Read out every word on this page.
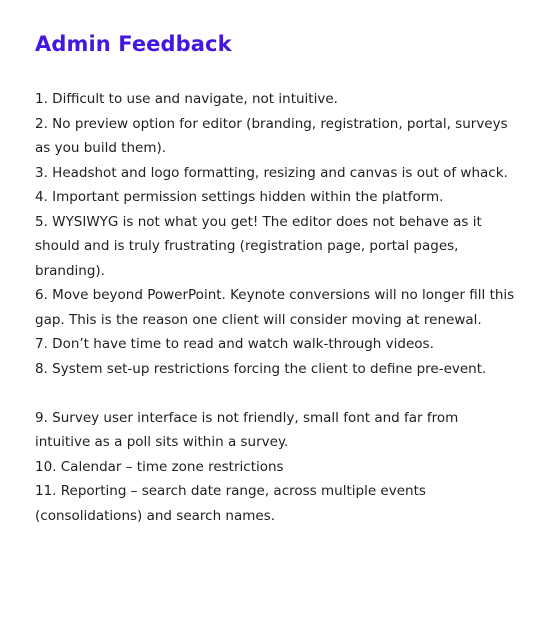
Admin Feedback

1. Difficult to use and navigate, not intuitive.

2. No preview option for editor (branding, registration, portal, surveys as you build them).

3. Headshot and logo formatting, resizing and canvas is out of whack.

4. Important permission settings hidden within the platform.

5. WYSIWYG is not what you get! The editor does not behave as it should and is truly frustrating (registration page, portal pages, branding).

6. Move beyond PowerPoint. Keynote conversions will no longer fill this gap. This is the reason one client will consider moving at renewal.

7. Don’t have time to read and watch walk-through videos.

8. System set-up restrictions forcing the client to define pre-event.

9. Survey user interface is not friendly, small font and far from intuitive as a poll sits within a survey.

10. Calendar – time zone restrictions

11. Reporting – search date range, across multiple events (consolidations) and search names.
